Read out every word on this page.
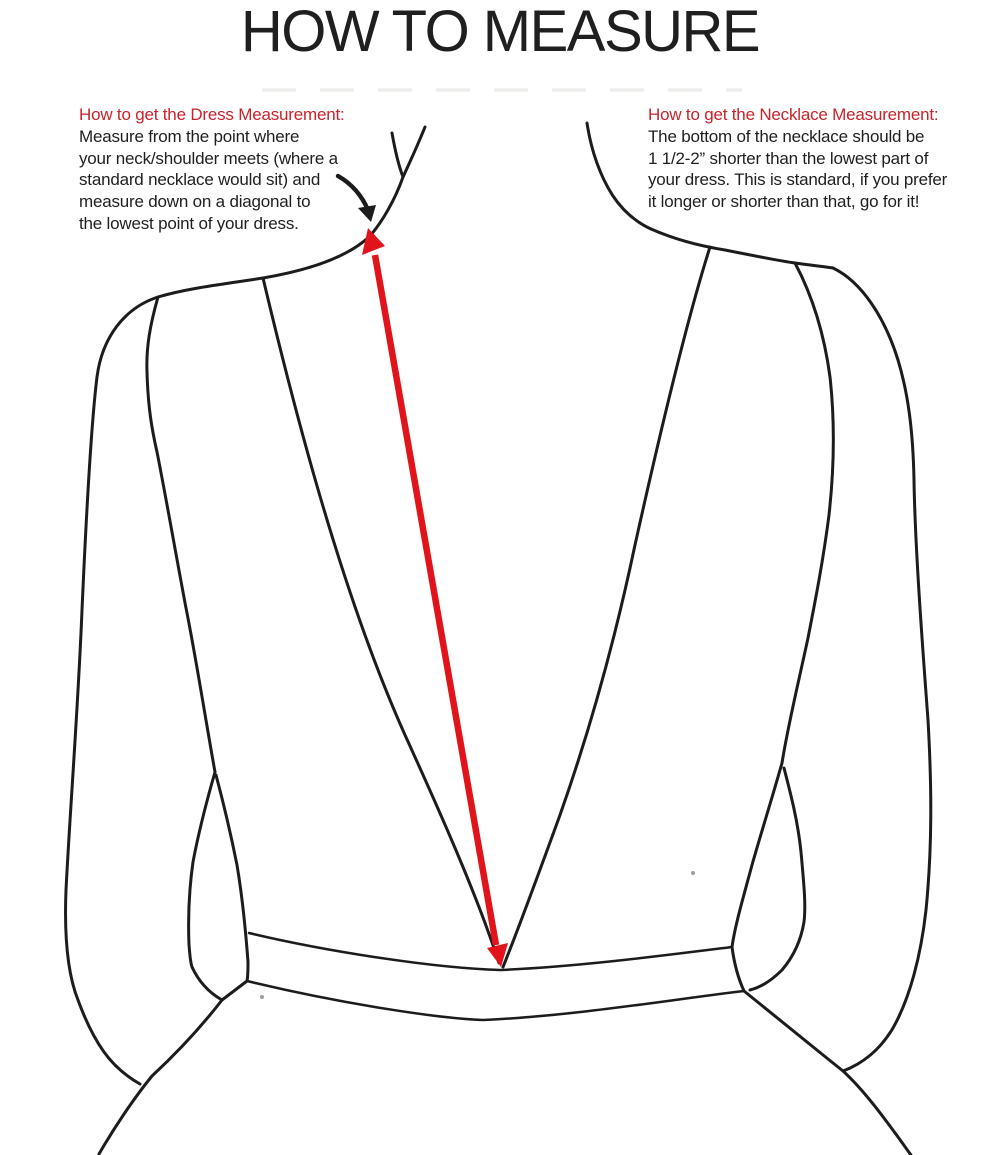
HOW TO MEASURE
How to get the Dress Measurement:
Measure from the point where
your neck/shoulder meets (where a
standard necklace would sit) and
measure down on a diagonal to
the lowest point of your dress.
How to get the Necklace Measurement:
The bottom of the necklace should be
1 1/2-2” shorter than the lowest part of
your dress. This is standard, if you prefer
it longer or shorter than that, go for it!
